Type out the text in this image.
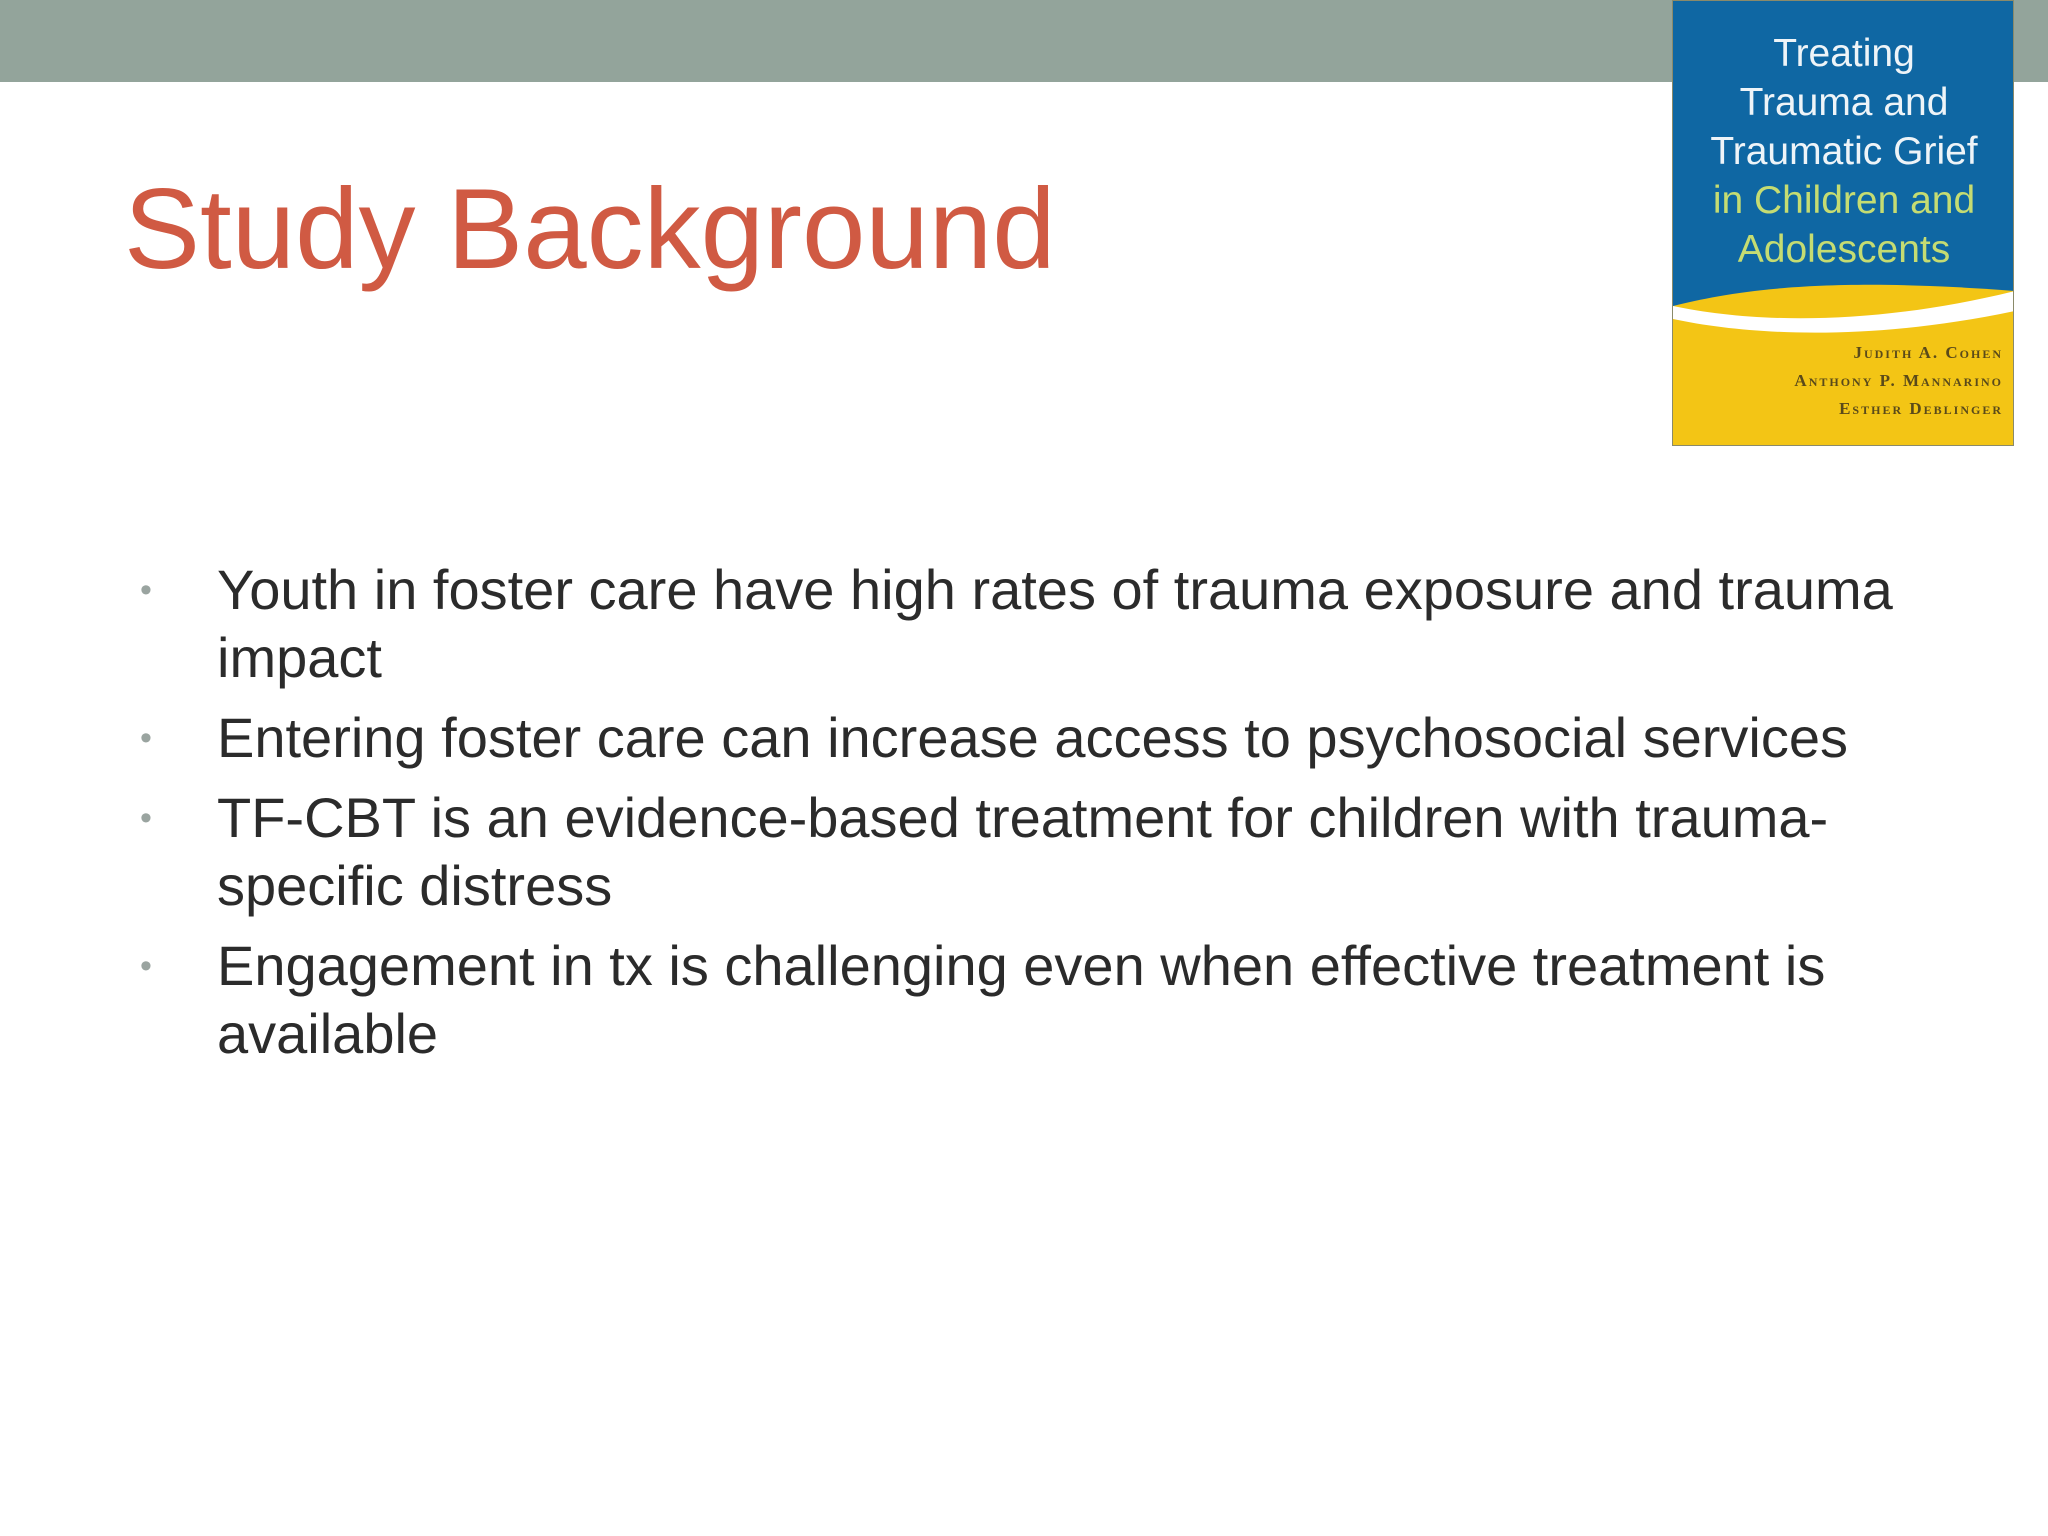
Study Background
Treating
Trauma and
Traumatic Grief
in Children and
Adolescents
Judith A. Cohen
Anthony P. Mannarino
Esther Deblinger
• Youth in foster care have high rates of trauma exposure and trauma
impact
• Entering foster care can increase access to psychosocial services
• TF-CBT is an evidence-based treatment for children with trauma-
specific distress
• Engagement in tx is challenging even when effective treatment is
available
